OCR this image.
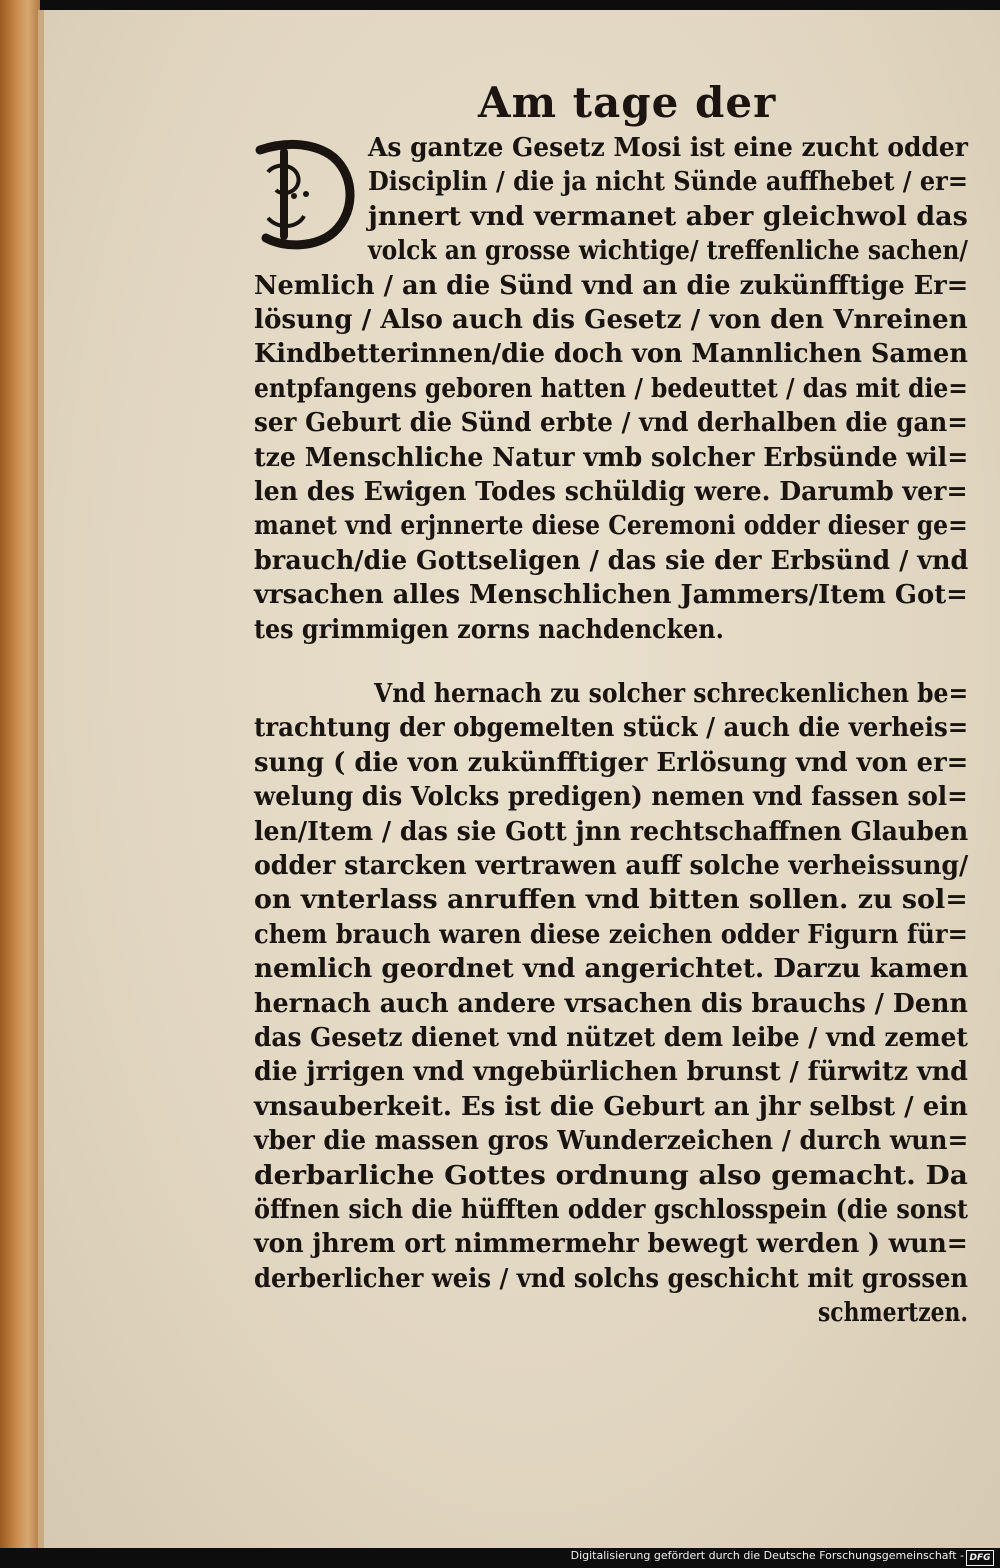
Am tage der
As gantze Gesetz Mosi ist eine zucht odder
Disciplin / die ja nicht Sünde auffhebet / er=
jnnert vnd vermanet aber gleichwol das
volck an grosse wichtige/ treffenliche sachen/
Nemlich / an die Sünd vnd an die zukünfftige Er=
lösung / Also auch dis Gesetz / von den Vnreinen
Kindbetterinnen/die doch von Mannlichen Samen
entpfangens geboren hatten / bedeuttet / das mit die=
ser Geburt die Sünd erbte / vnd derhalben die gan=
tze Menschliche Natur vmb solcher Erbsünde wil=
len des Ewigen Todes schüldig were. Darumb ver=
manet vnd erjnnerte diese Ceremoni odder dieser ge=
brauch/die Gottseligen / das sie der Erbsünd / vnd
vrsachen alles Menschlichen Jammers/Item Got=
tes grimmigen zorns nachdencken.
Vnd hernach zu solcher schreckenlichen be=
trachtung der obgemelten stück / auch die verheis=
sung ( die von zukünfftiger Erlösung vnd von er=
welung dis Volcks predigen) nemen vnd fassen sol=
len/Item / das sie Gott jnn rechtschaffnen Glauben
odder starcken vertrawen auff solche verheissung/
on vnterlass anruffen vnd bitten sollen. zu sol=
chem brauch waren diese zeichen odder Figurn für=
nemlich geordnet vnd angerichtet. Darzu kamen
hernach auch andere vrsachen dis brauchs / Denn
das Gesetz dienet vnd nützet dem leibe / vnd zemet
die jrrigen vnd vngebürlichen brunst / fürwitz vnd
vnsauberkeit. Es ist die Geburt an jhr selbst / ein
vber die massen gros Wunderzeichen / durch wun=
derbarliche Gottes ordnung also gemacht. Da
öffnen sich die hüfften odder gschlosspein (die sonst
von jhrem ort nimmermehr bewegt werden ) wun=
derberlicher weis / vnd solchs geschicht mit grossen
schmertzen.
Digitalisierung gefördert durch die Deutsche Forschungsgemeinschaft - DFG
